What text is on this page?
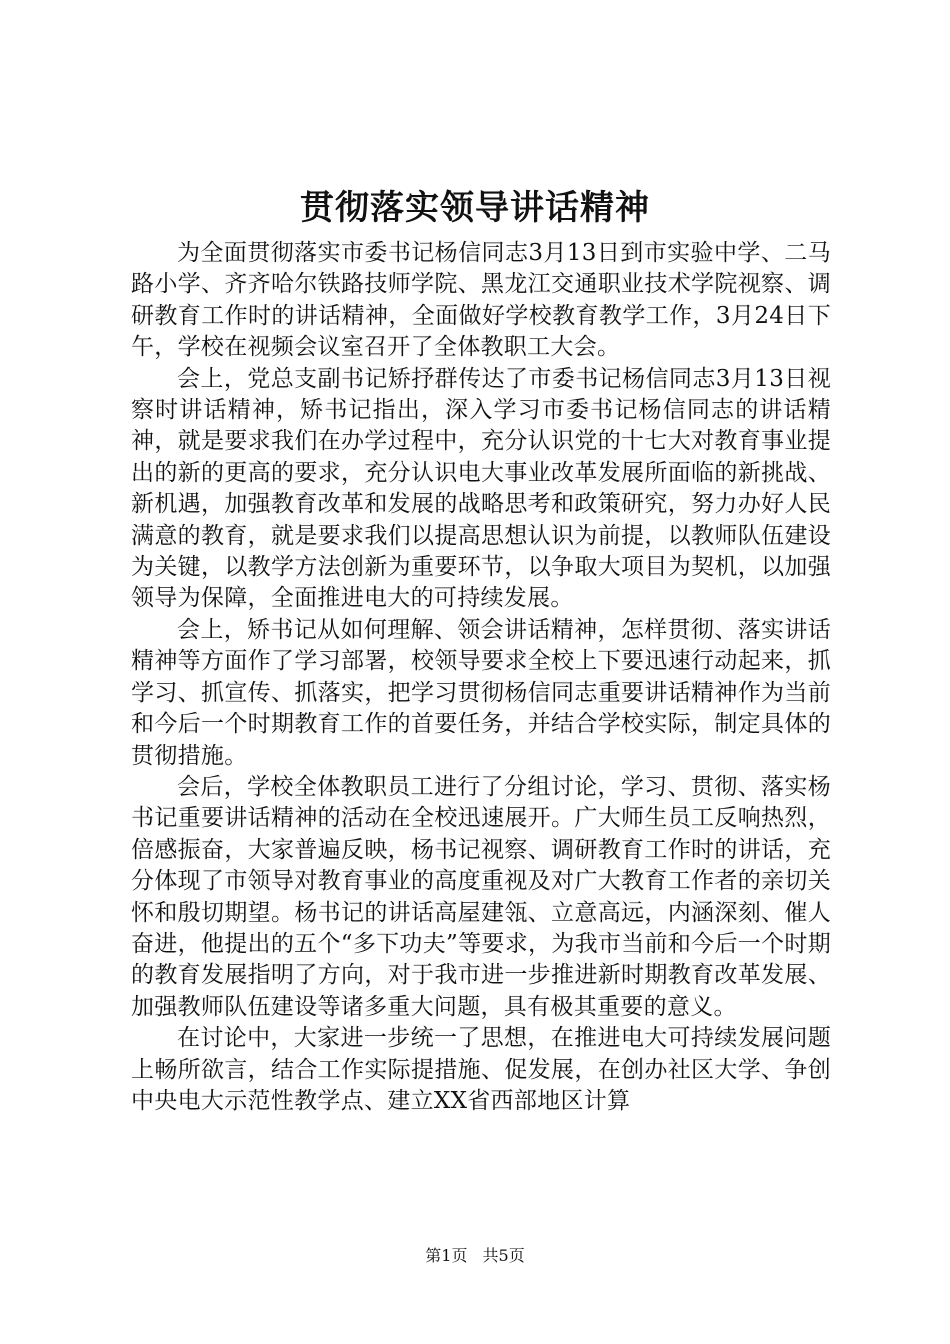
贯彻落实领导讲话精神

为全面贯彻落实市委书记杨信同志3月13日到市实验中学、二马路小学、齐齐哈尔铁路技师学院、黑龙江交通职业技术学院视察、调研教育工作时的讲话精神，全面做好学校教育教学工作，3月24日下午，学校在视频会议室召开了全体教职工大会。

会上，党总支副书记矫抒群传达了市委书记杨信同志3月13日视察时讲话精神，矫书记指出，深入学习市委书记杨信同志的讲话精神，就是要求我们在办学过程中，充分认识党的十七大对教育事业提出的新的更高的要求，充分认识电大事业改革发展所面临的新挑战、新机遇，加强教育改革和发展的战略思考和政策研究，努力办好人民满意的教育，就是要求我们以提高思想认识为前提，以教师队伍建设为关键，以教学方法创新为重要环节，以争取大项目为契机，以加强领导为保障，全面推进电大的可持续发展。

会上，矫书记从如何理解、领会讲话精神，怎样贯彻、落实讲话精神等方面作了学习部署，校领导要求全校上下要迅速行动起来，抓学习、抓宣传、抓落实，把学习贯彻杨信同志重要讲话精神作为当前和今后一个时期教育工作的首要任务，并结合学校实际，制定具体的贯彻措施。

会后，学校全体教职员工进行了分组讨论，学习、贯彻、落实杨书记重要讲话精神的活动在全校迅速展开。广大师生员工反响热烈，倍感振奋，大家普遍反映，杨书记视察、调研教育工作时的讲话，充分体现了市领导对教育事业的高度重视及对广大教育工作者的亲切关怀和殷切期望。杨书记的讲话高屋建瓴、立意高远，内涵深刻、催人奋进，他提出的五个“多下功夫”等要求，为我市当前和今后一个时期的教育发展指明了方向，对于我市进一步推进新时期教育改革发展、加强教师队伍建设等诸多重大问题，具有极其重要的意义。

在讨论中，大家进一步统一了思想，在推进电大可持续发展问题上畅所欲言，结合工作实际提措施、促发展，在创办社区大学、争创中央电大示范性教学点、建立XX省西部地区计算

第1页 共5页
